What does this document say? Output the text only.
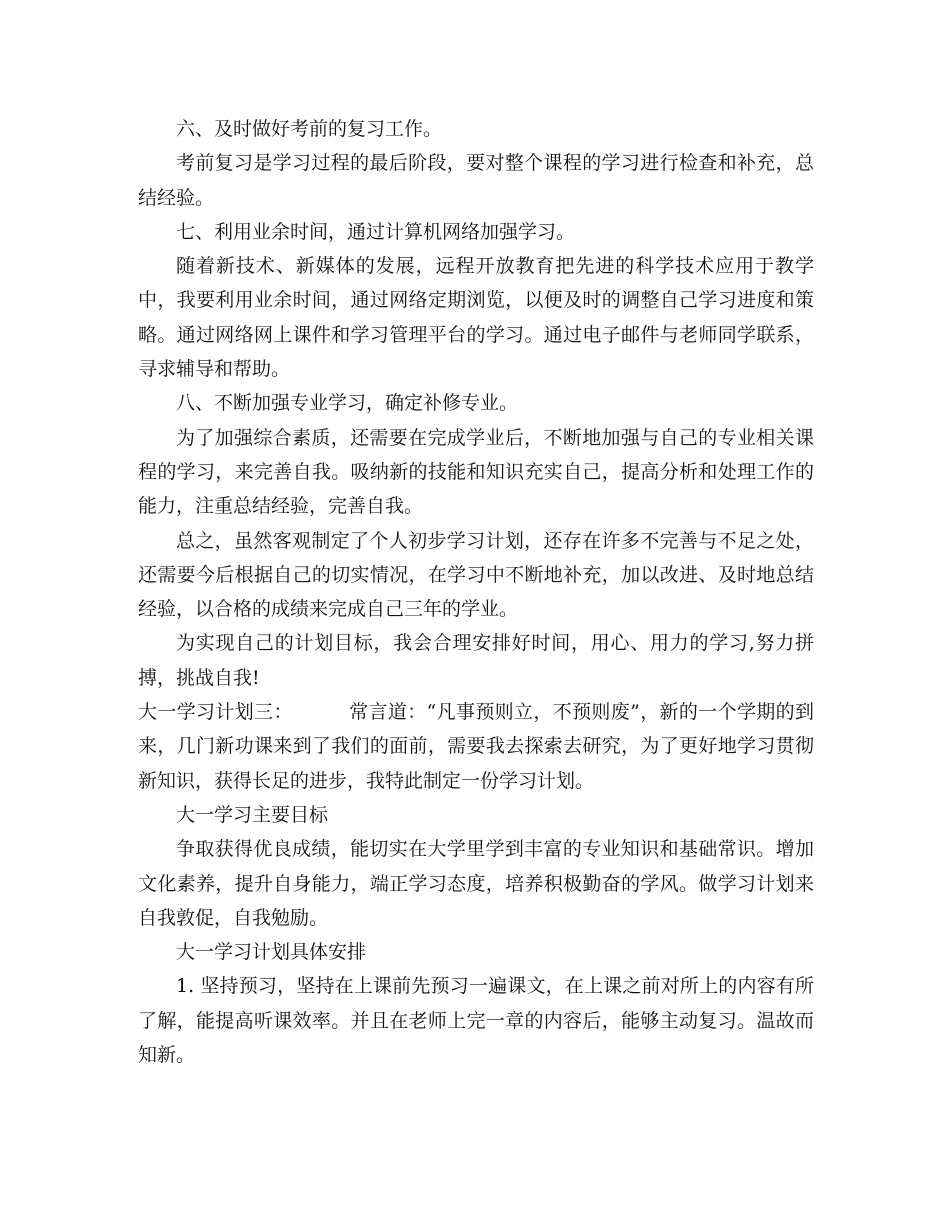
六、及时做好考前的复习工作。

考前复习是学习过程的最后阶段，要对整个课程的学习进行检查和补充，总结经验。

七、利用业余时间，通过计算机网络加强学习。

随着新技术、新媒体的发展，远程开放教育把先进的科学技术应用于教学中，我要利用业余时间，通过网络定期浏览，以便及时的调整自己学习进度和策略。通过网络网上课件和学习管理平台的学习。通过电子邮件与老师同学联系，寻求辅导和帮助。

八、不断加强专业学习，确定补修专业。

为了加强综合素质，还需要在完成学业后，不断地加强与自己的专业相关课程的学习，来完善自我。吸纳新的技能和知识充实自己，提高分析和处理工作的能力，注重总结经验，完善自我。

总之，虽然客观制定了个人初步学习计划，还存在许多不完善与不足之处，还需要今后根据自己的切实情况，在学习中不断地补充，加以改进、及时地总结经验，以合格的成绩来完成自己三年的学业。

为实现自己的计划目标，我会合理安排好时间，用心、用力的学习,努力拼搏，挑战自我!

大一学习计划三：	常言道：“凡事预则立，不预则废”，新的一个学期的到来，几门新功课来到了我们的面前，需要我去探索去研究，为了更好地学习贯彻新知识，获得长足的进步，我特此制定一份学习计划。

大一学习主要目标

争取获得优良成绩，能切实在大学里学到丰富的专业知识和基础常识。增加文化素养，提升自身能力，端正学习态度，培养积极勤奋的学风。做学习计划来自我敦促，自我勉励。

大一学习计划具体安排

1. 坚持预习，坚持在上课前先预习一遍课文，在上课之前对所上的内容有所了解，能提高听课效率。并且在老师上完一章的内容后，能够主动复习。温故而知新。
